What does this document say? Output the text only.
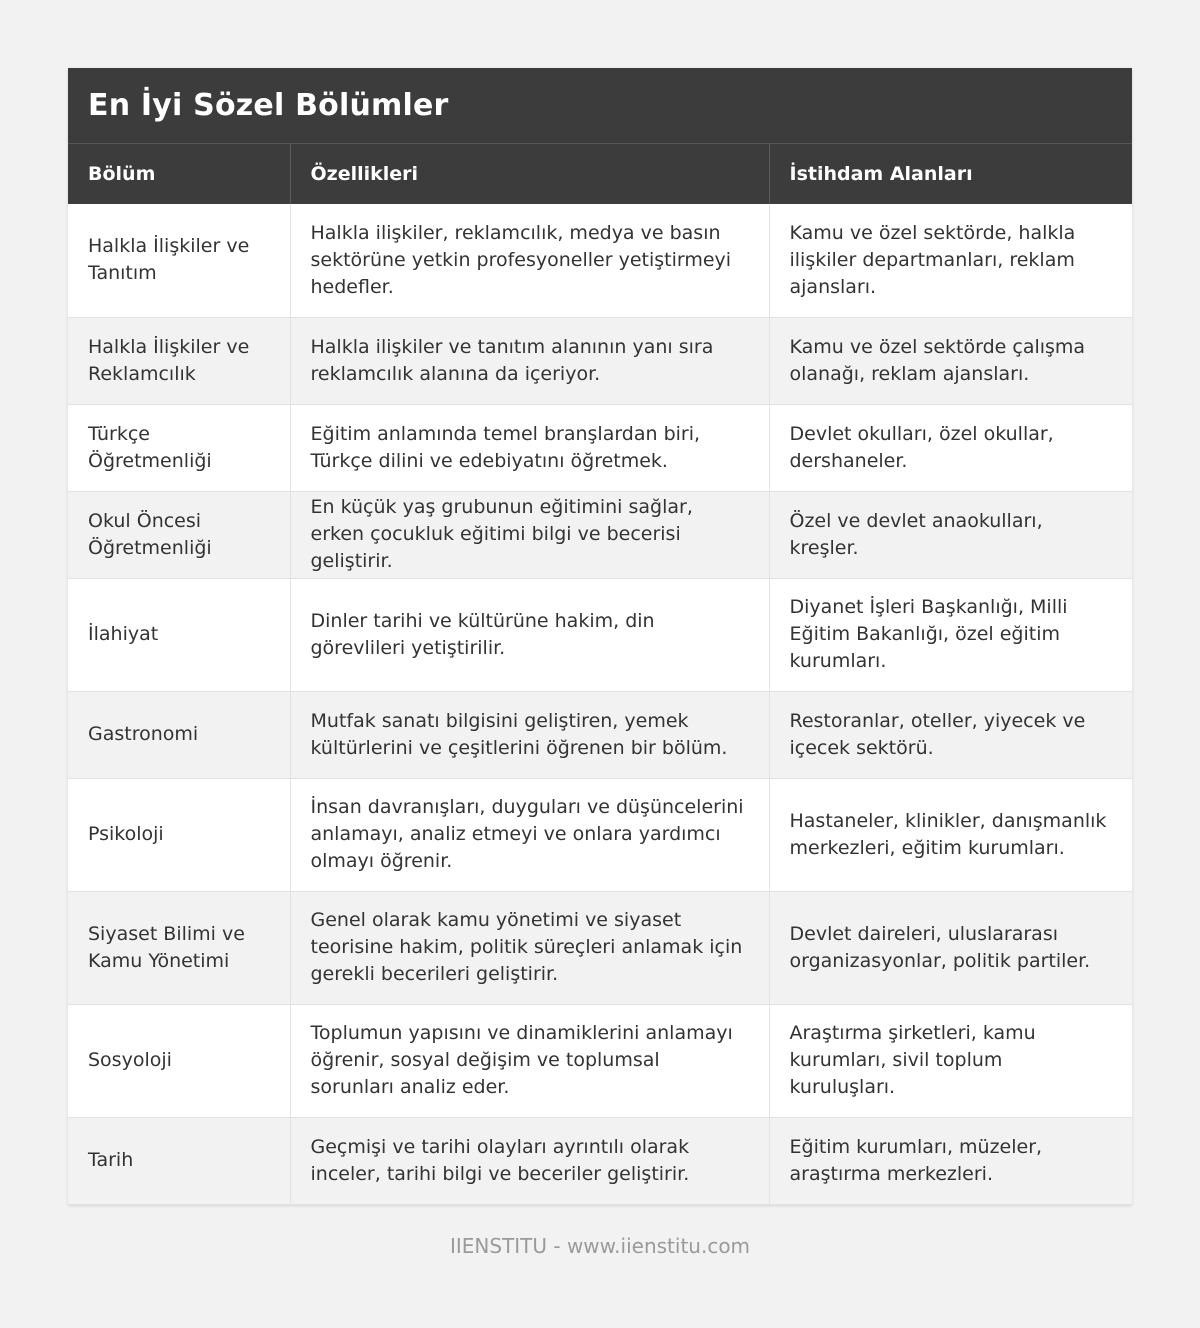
En İyi Sözel Bölümler
Bölüm	Özellikleri	İstihdam Alanları
Halkla İlişkiler ve Tanıtım	Halkla ilişkiler, reklamcılık, medya ve basın sektörüne yetkin profesyoneller yetiştirmeyi hedefler.	Kamu ve özel sektörde, halkla ilişkiler departmanları, reklam ajansları.
Halkla İlişkiler ve Reklamcılık	Halkla ilişkiler ve tanıtım alanının yanı sıra reklamcılık alanına da içeriyor.	Kamu ve özel sektörde çalışma olanağı, reklam ajansları.
Türkçe Öğretmenliği	Eğitim anlamında temel branşlardan biri, Türkçe dilini ve edebiyatını öğretmek.	Devlet okulları, özel okullar, dershaneler.
Okul Öncesi Öğretmenliği	En küçük yaş grubunun eğitimini sağlar, erken çocukluk eğitimi bilgi ve becerisi geliştirir.	Özel ve devlet anaokulları, kreşler.
İlahiyat	Dinler tarihi ve kültürüne hakim, din görevlileri yetiştirilir.	Diyanet İşleri Başkanlığı, Milli Eğitim Bakanlığı, özel eğitim kurumları.
Gastronomi	Mutfak sanatı bilgisini geliştiren, yemek kültürlerini ve çeşitlerini öğrenen bir bölüm.	Restoranlar, oteller, yiyecek ve içecek sektörü.
Psikoloji	İnsan davranışları, duyguları ve düşüncelerini anlamayı, analiz etmeyi ve onlara yardımcı olmayı öğrenir.	Hastaneler, klinikler, danışmanlık merkezleri, eğitim kurumları.
Siyaset Bilimi ve Kamu Yönetimi	Genel olarak kamu yönetimi ve siyaset teorisine hakim, politik süreçleri anlamak için gerekli becerileri geliştirir.	Devlet daireleri, uluslararası organizasyonlar, politik partiler.
Sosyoloji	Toplumun yapısını ve dinamiklerini anlamayı öğrenir, sosyal değişim ve toplumsal sorunları analiz eder.	Araştırma şirketleri, kamu kurumları, sivil toplum kuruluşları.
Tarih	Geçmişi ve tarihi olayları ayrıntılı olarak inceler, tarihi bilgi ve beceriler geliştirir.	Eğitim kurumları, müzeler, araştırma merkezleri.
IIENSTITU - www.iienstitu.com
